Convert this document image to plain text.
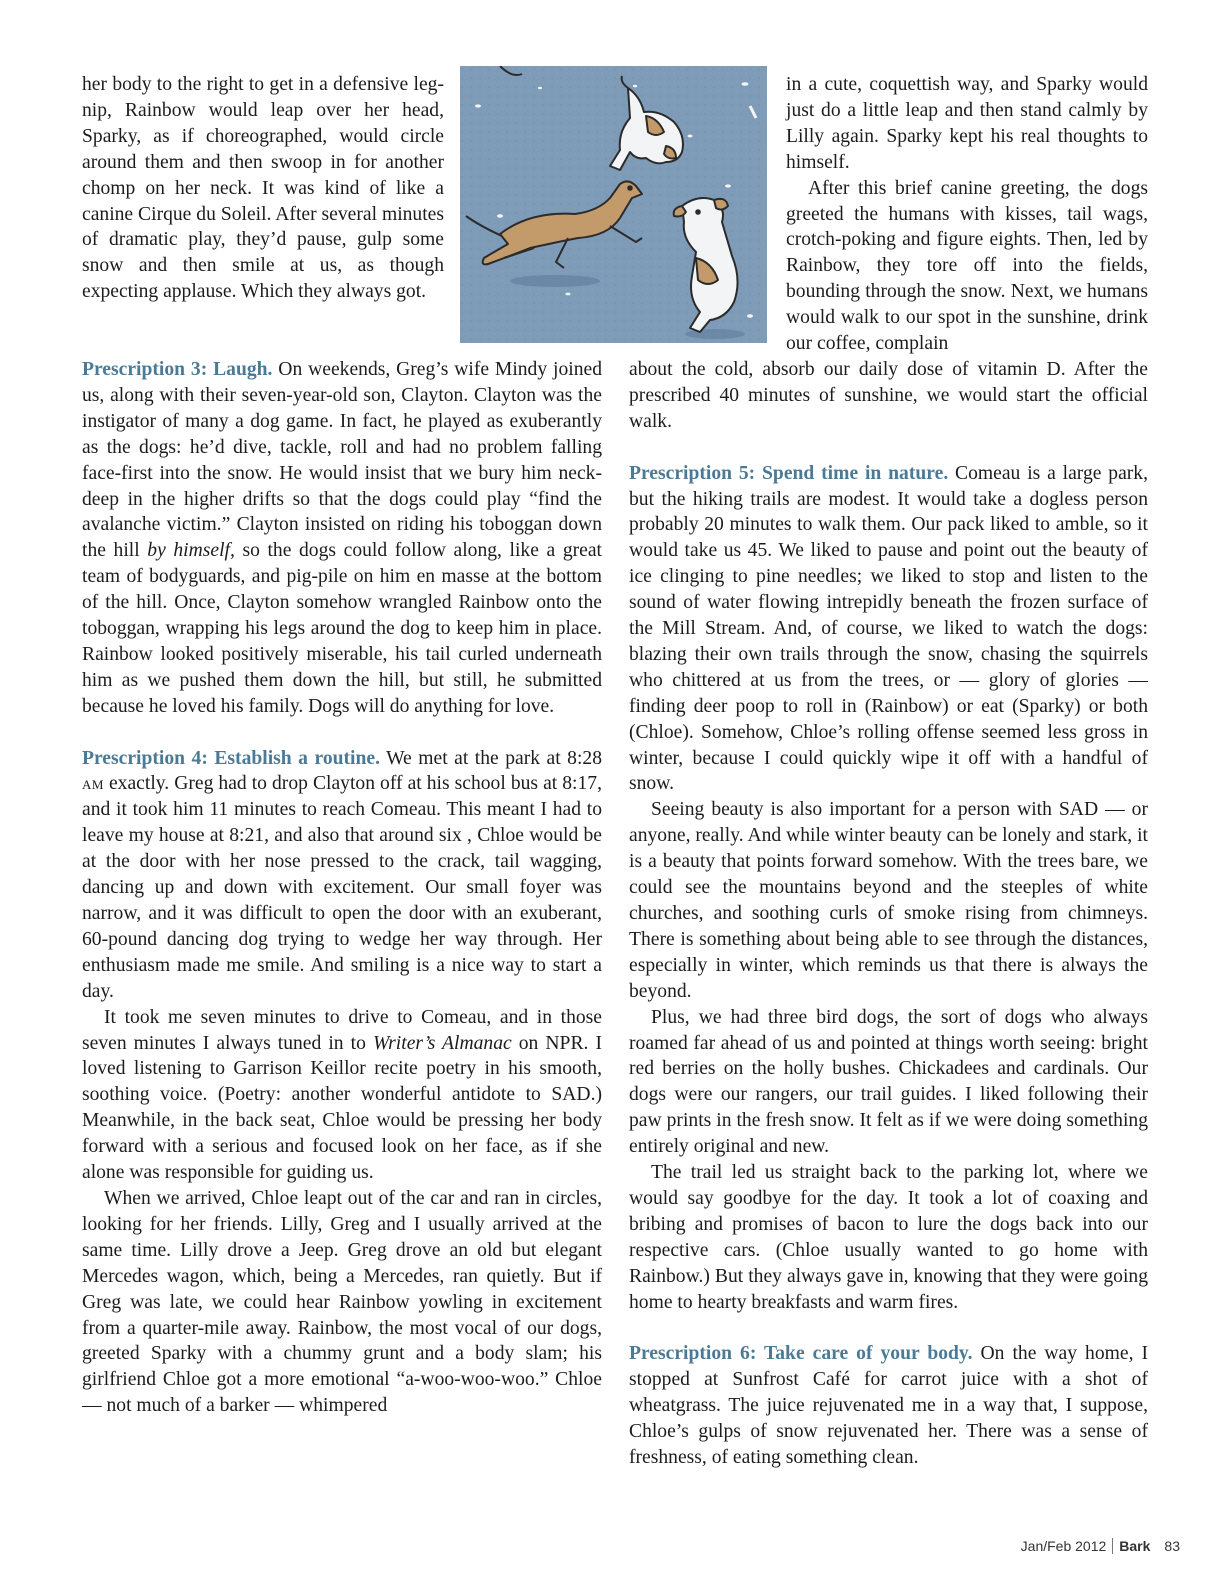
her body to the right to get in a defensive leg-nip, Rainbow would leap over her head, Sparky, as if choreographed, would circle around them and then swoop in for another chomp on her neck. It was kind of like a canine Cirque du Soleil. After several minutes of dramatic play, they’d pause, gulp some snow and then smile at us, as though expecting applause. Which they always got.

in a cute, coquettish way, and Sparky would just do a little leap and then stand calmly by Lilly again. Sparky kept his real thoughts to himself.

After this brief canine greeting, the dogs greeted the humans with kisses, tail wags, crotch-poking and figure eights. Then, led by Rainbow, they tore off into the fields, bounding through the snow. Next, we humans would walk to our spot in the sunshine, drink our coffee, complain

Prescription 3: Laugh. On weekends, Greg’s wife Mindy joined us, along with their seven-year-old son, Clayton. Clayton was the instigator of many a dog game. In fact, he played as exuberantly as the dogs: he’d dive, tackle, roll and had no problem falling face-first into the snow. He would insist that we bury him neck-deep in the higher drifts so that the dogs could play “find the avalanche victim.” Clayton insisted on riding his toboggan down the hill by himself, so the dogs could follow along, like a great team of bodyguards, and pig-pile on him en masse at the bottom of the hill. Once, Clayton somehow wrangled Rainbow onto the toboggan, wrapping his legs around the dog to keep him in place. Rainbow looked positively miserable, his tail curled underneath him as we pushed them down the hill, but still, he submitted because he loved his family. Dogs will do anything for love.

Prescription 4: Establish a routine. We met at the park at 8:28 am exactly. Greg had to drop Clayton off at his school bus at 8:17, and it took him 11 minutes to reach Comeau. This meant I had to leave my house at 8:21, and also that around six , Chloe would be at the door with her nose pressed to the crack, tail wagging, dancing up and down with excitement. Our small foyer was narrow, and it was difficult to open the door with an exuberant, 60-pound dancing dog trying to wedge her way through. Her enthusiasm made me smile. And smiling is a nice way to start a day.

It took me seven minutes to drive to Comeau, and in those seven minutes I always tuned in to Writer’s Almanac on NPR. I loved listening to Garrison Keillor recite poetry in his smooth, soothing voice. (Poetry: another wonderful antidote to SAD.) Meanwhile, in the back seat, Chloe would be pressing her body forward with a serious and focused look on her face, as if she alone was responsible for guiding us.

When we arrived, Chloe leapt out of the car and ran in circles, looking for her friends. Lilly, Greg and I usually arrived at the same time. Lilly drove a Jeep. Greg drove an old but elegant Mercedes wagon, which, being a Mercedes, ran quietly. But if Greg was late, we could hear Rainbow yowling in excitement from a quarter-mile away. Rainbow, the most vocal of our dogs, greeted Sparky with a chummy grunt and a body slam; his girlfriend Chloe got a more emotional “a-woo-woo-woo.” Chloe — not much of a barker — whimpered

about the cold, absorb our daily dose of vitamin D. After the prescribed 40 minutes of sunshine, we would start the official walk.

Prescription 5: Spend time in nature. Comeau is a large park, but the hiking trails are modest. It would take a dogless person probably 20 minutes to walk them. Our pack liked to amble, so it would take us 45. We liked to pause and point out the beauty of ice clinging to pine needles; we liked to stop and listen to the sound of water flowing intrepidly beneath the frozen surface of the Mill Stream. And, of course, we liked to watch the dogs: blazing their own trails through the snow, chasing the squirrels who chittered at us from the trees, or — glory of glories — finding deer poop to roll in (Rainbow) or eat (Sparky) or both (Chloe). Somehow, Chloe’s rolling offense seemed less gross in winter, because I could quickly wipe it off with a handful of snow.

Seeing beauty is also important for a person with SAD — or anyone, really. And while winter beauty can be lonely and stark, it is a beauty that points forward somehow. With the trees bare, we could see the mountains beyond and the steeples of white churches, and soothing curls of smoke rising from chimneys. There is something about being able to see through the distances, especially in winter, which reminds us that there is always the beyond.

Plus, we had three bird dogs, the sort of dogs who always roamed far ahead of us and pointed at things worth seeing: bright red berries on the holly bushes. Chickadees and cardinals. Our dogs were our rangers, our trail guides. I liked following their paw prints in the fresh snow. It felt as if we were doing something entirely original and new.

The trail led us straight back to the parking lot, where we would say goodbye for the day. It took a lot of coaxing and bribing and promises of bacon to lure the dogs back into our respective cars. (Chloe usually wanted to go home with Rainbow.) But they always gave in, knowing that they were going home to hearty breakfasts and warm fires.

Prescription 6: Take care of your body. On the way home, I stopped at Sunfrost Café for carrot juice with a shot of wheatgrass. The juice rejuvenated me in a way that, I suppose, Chloe’s gulps of snow rejuvenated her. There was a sense of freshness, of eating something clean.

Jan/Feb 2012 Bark 83
